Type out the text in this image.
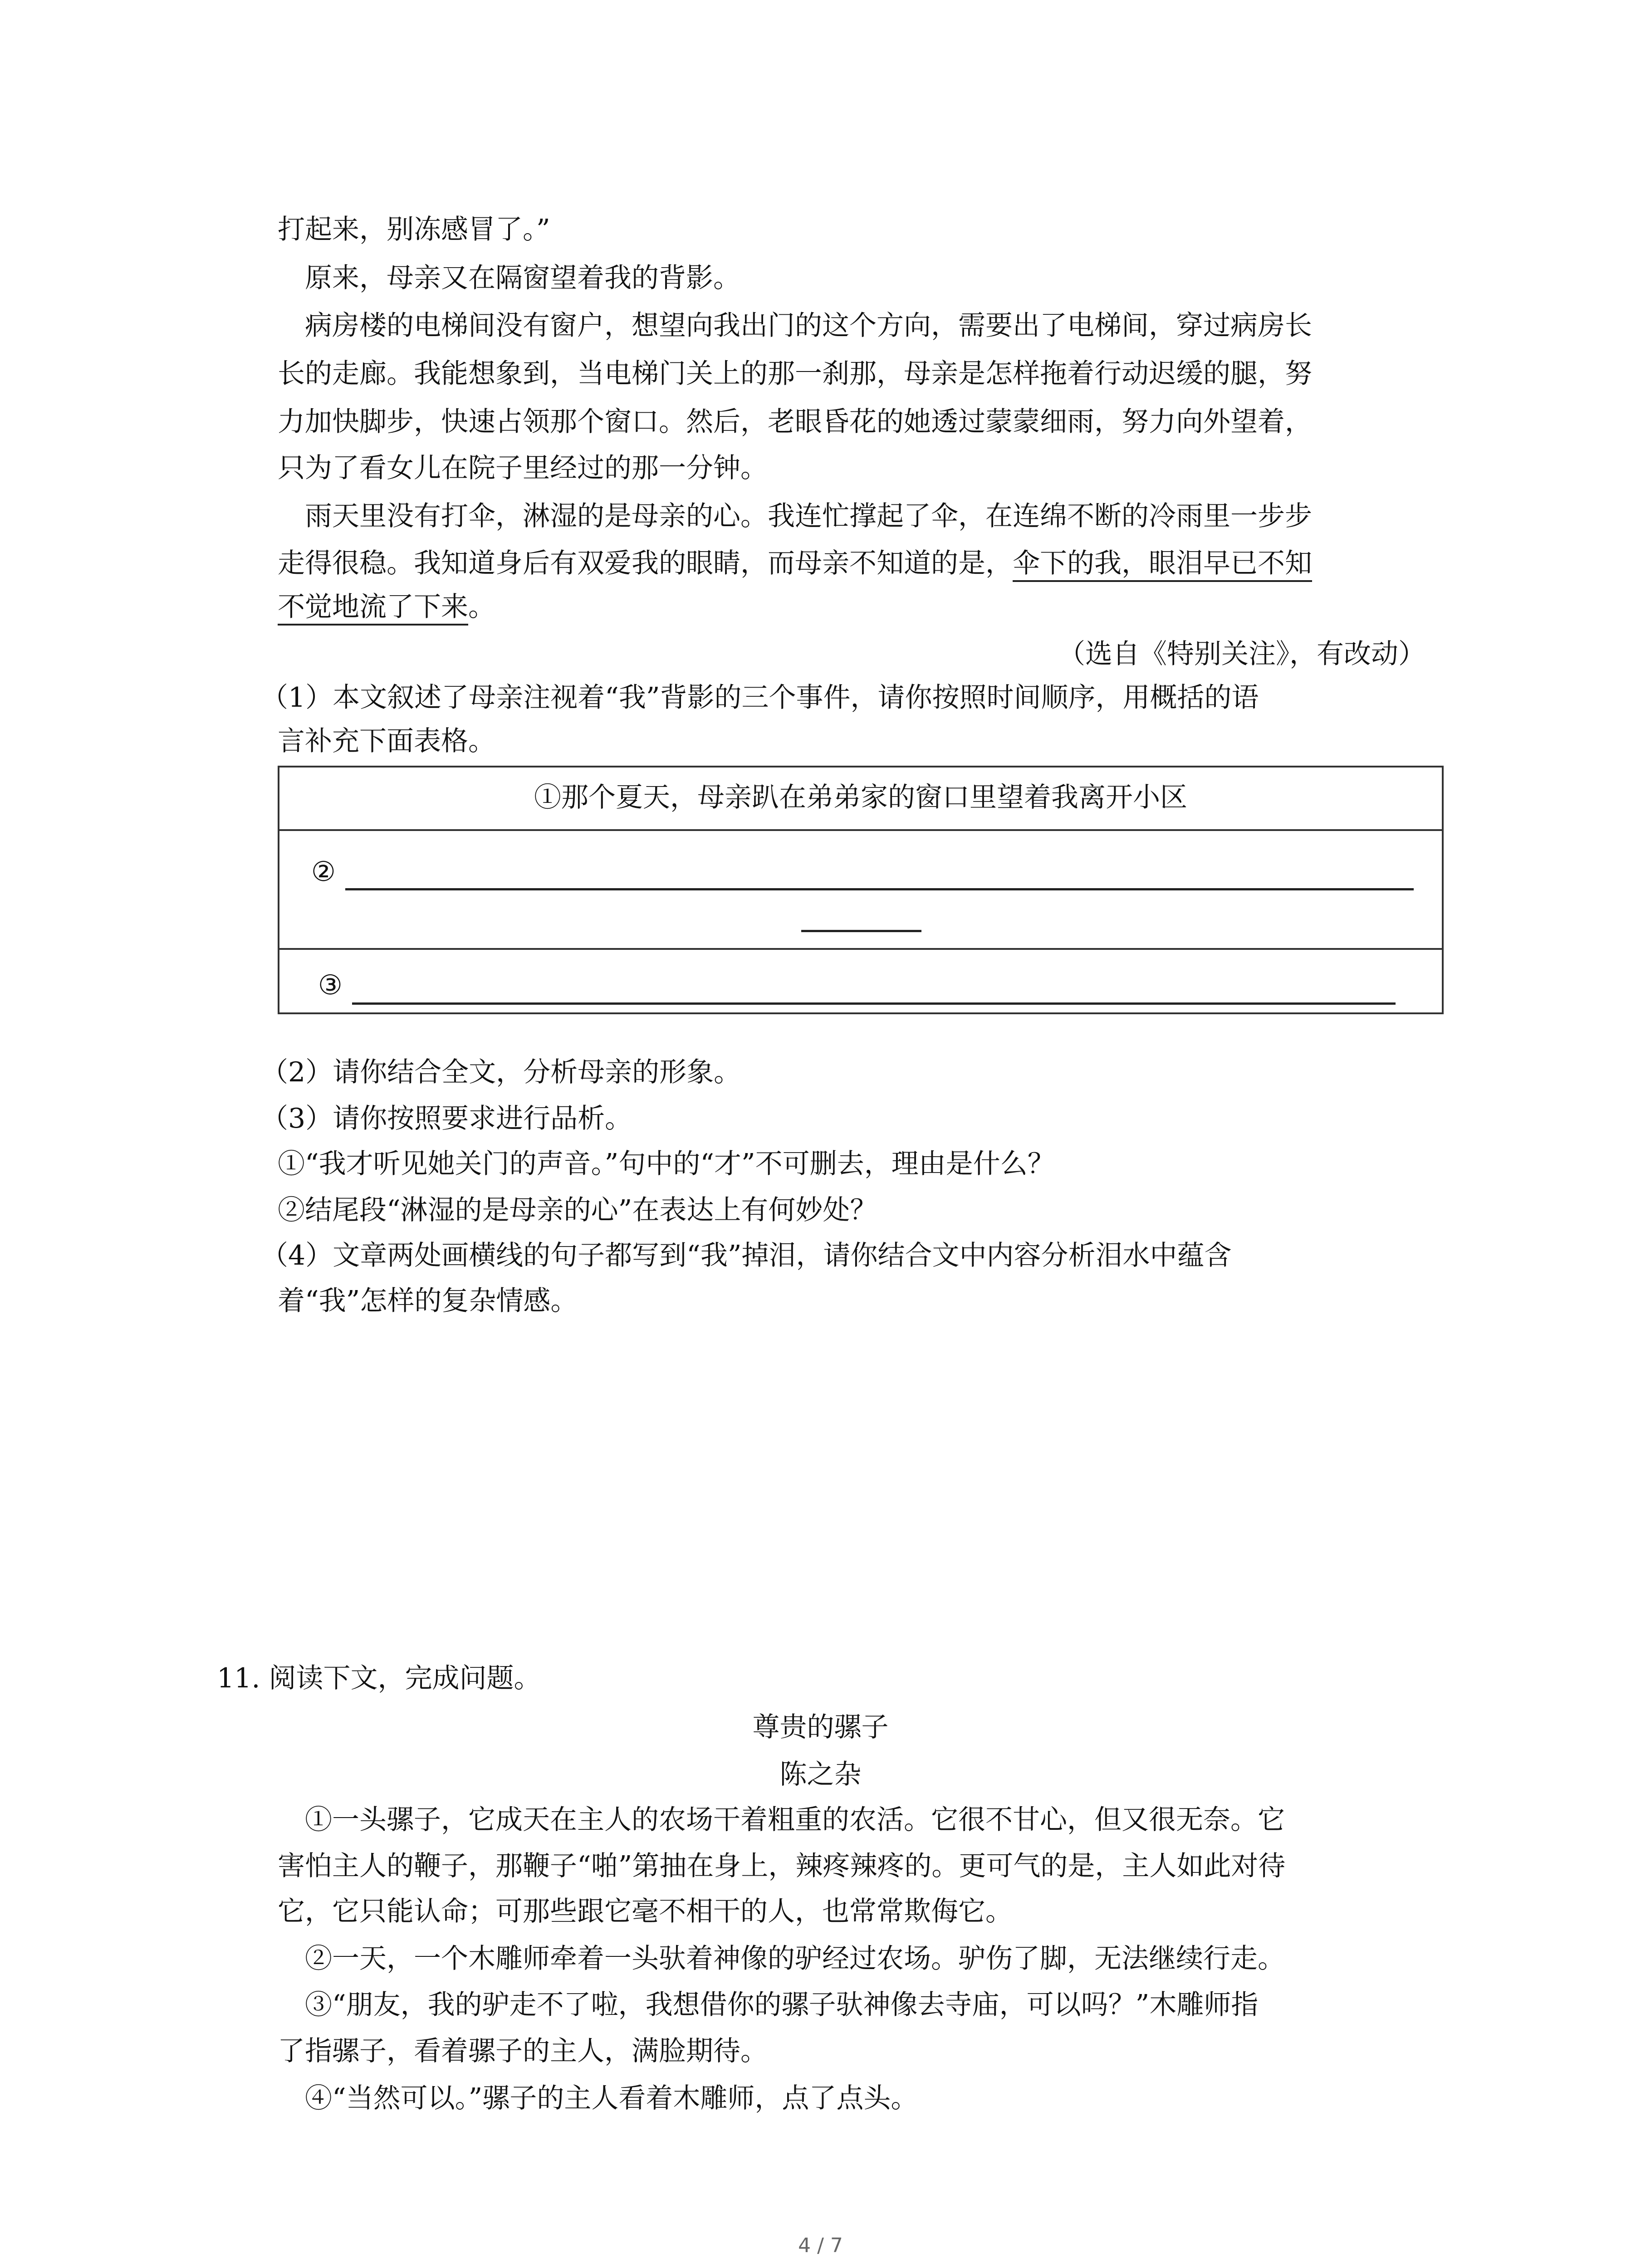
打起来，别冻感冒了。”
　原来，母亲又在隔窗望着我的背影。
　病房楼的电梯间没有窗户，想望向我出门的这个方向，需要出了电梯间，穿过病房长
长的走廊。我能想象到，当电梯门关上的那一刹那，母亲是怎样拖着行动迟缓的腿，努
力加快脚步，快速占领那个窗口。然后，老眼昏花的她透过蒙蒙细雨，努力向外望着，
只为了看女儿在院子里经过的那一分钟。
　雨天里没有打伞，淋湿的是母亲的心。我连忙撑起了伞，在连绵不断的冷雨里一步步
走得很稳。我知道身后有双爱我的眼睛，而母亲不知道的是，伞下的我，眼泪早已不知
不觉地流了下来。
（选自《特别关注》，有改动）
（1）本文叙述了母亲注视着“我”背影的三个事件，请你按照时间顺序，用概括的语
言补充下面表格。
①那个夏天，母亲趴在弟弟家的窗口里望着我离开小区
②
③
（2）请你结合全文，分析母亲的形象。
（3）请你按照要求进行品析。
①“我才听见她关门的声音。”句中的“才”不可删去，理由是什么？
②结尾段“淋湿的是母亲的心”在表达上有何妙处？
（4）文章两处画横线的句子都写到“我”掉泪，请你结合文中内容分析泪水中蕴含
着“我”怎样的复杂情感。
11. 阅读下文，完成问题。
尊贵的骡子
陈之杂
　①一头骡子，它成天在主人的农场干着粗重的农活。它很不甘心，但又很无奈。它
害怕主人的鞭子，那鞭子“啪”第抽在身上，辣疼辣疼的。更可气的是，主人如此对待
它，它只能认命；可那些跟它毫不相干的人，也常常欺侮它。
　②一天，一个木雕师牵着一头驮着神像的驴经过农场。驴伤了脚，无法继续行走。
　③“朋友，我的驴走不了啦，我想借你的骡子驮神像去寺庙，可以吗？”木雕师指
了指骡子，看着骡子的主人，满脸期待。
　④“当然可以。”骡子的主人看着木雕师，点了点头。
4 / 7
